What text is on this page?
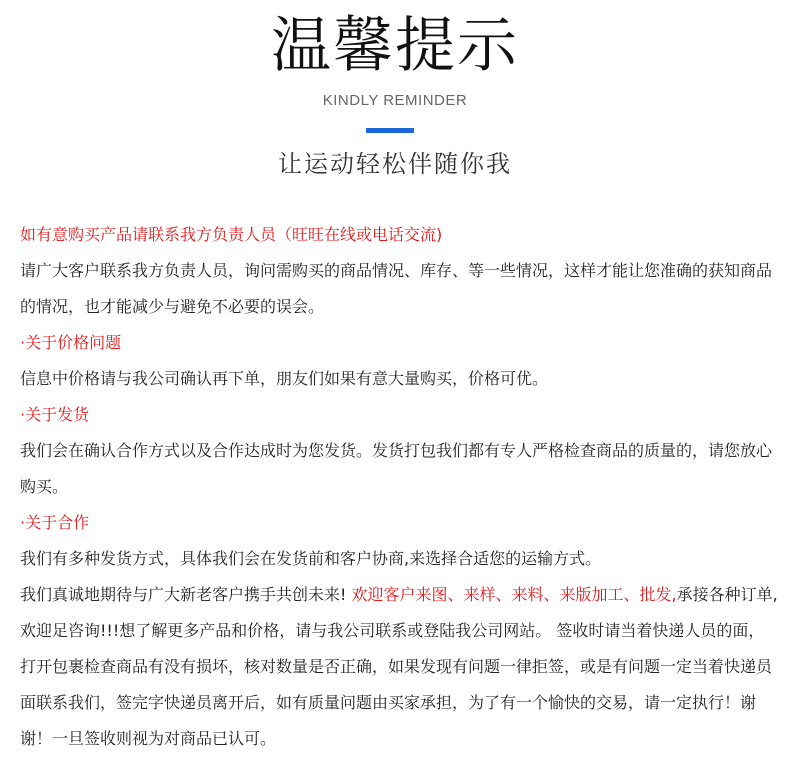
温馨提示
KINDLY REMINDER
让运动轻松伴随你我

如有意购买产品请联系我方负责人员（旺旺在线或电话交流)

请广大客户联系我方负责人员，询问需购买的商品情况、库存、等一些情况，这样才能让您准确的获知商品的情况，也才能减少与避免不必要的误会。

·关于价格问题

信息中价格请与我公司确认再下单，朋友们如果有意大量购买，价格可优。

·关于发货

我们会在确认合作方式以及合作达成时为您发货。发货打包我们都有专人严格检查商品的质量的，请您放心购买。

·关于合作

我们有多种发货方式，具体我们会在发货前和客户协商,来选择合适您的运输方式。

我们真诚地期待与广大新老客户携手共创未来! 欢迎客户来图、来样、来料、来版加工、批发,承接各种订单,欢迎足咨询!!!想了解更多产品和价格，请与我公司联系或登陆我公司网站。 签收时请当着快递人员的面，打开包裹检查商品有没有损坏，核对数量是否正确，如果发现有问题一律拒签，或是有问题一定当着快递员面联系我们，签完字快递员离开后，如有质量问题由买家承担，为了有一个愉快的交易，请一定执行！谢谢！一旦签收则视为对商品已认可。
